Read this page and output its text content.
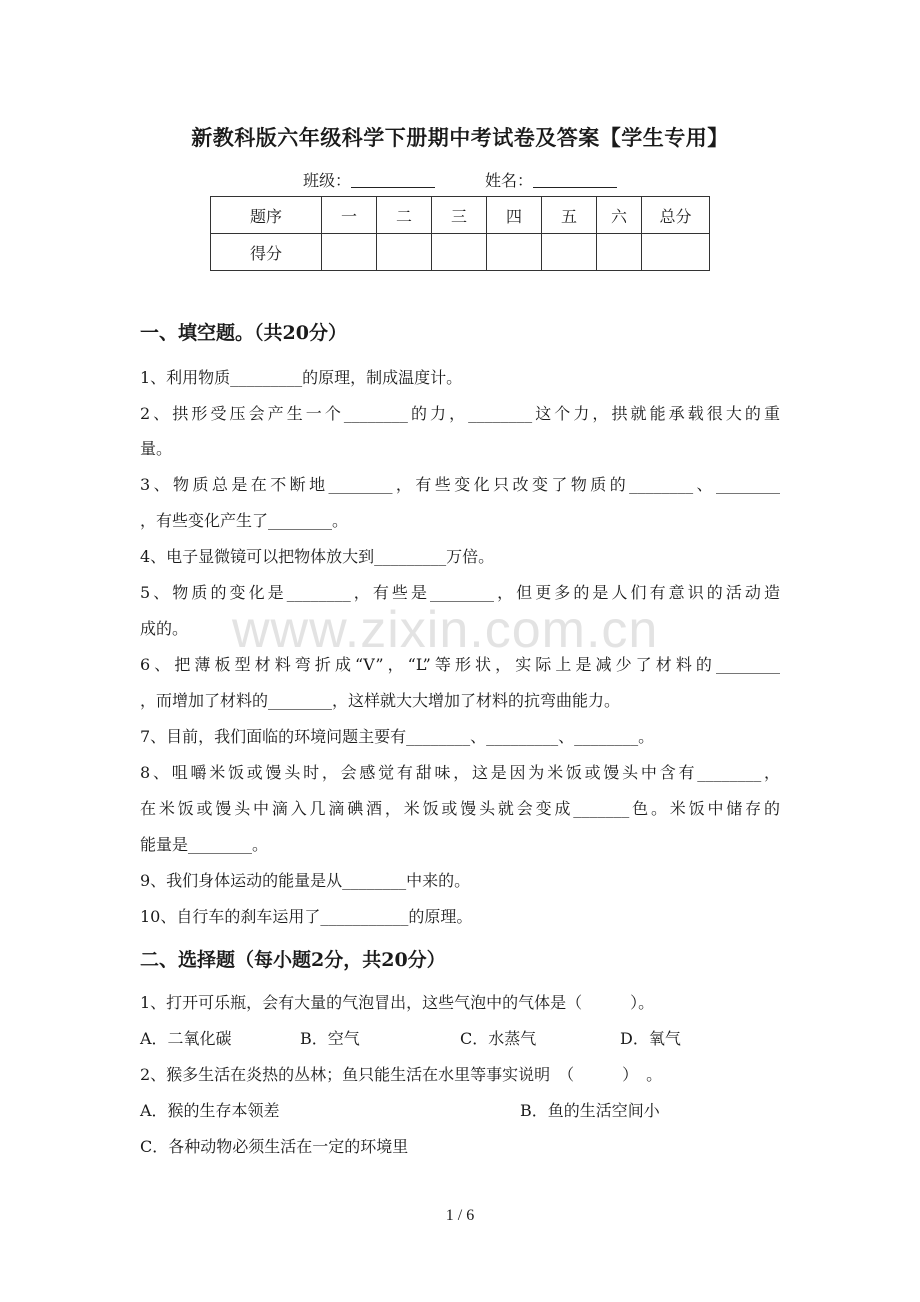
新教科版六年级科学下册期中考试卷及答案【学生专用】
班级：	姓名：
题序	一	二	三	四	五	六	总分
得分							
www.zixin.com.cn
一、填空题。（共20分）
1、利用物质_________的原理，制成温度计。
2、拱形受压会产生一个________的力，________这个力，拱就能承载很大的重
量。
3、物质总是在不断地________，有些变化只改变了物质的________、________
，有些变化产生了________。
4、电子显微镜可以把物体放大到_________万倍。
5、物质的变化是________，有些是________，但更多的是人们有意识的活动造
成的。
6、把薄板型材料弯折成“V”，“L”等形状，实际上是减少了材料的________
，而增加了材料的________，这样就大大增加了材料的抗弯曲能力。
7、目前，我们面临的环境问题主要有________、_________、________。
8、咀嚼米饭或馒头时，会感觉有甜味，这是因为米饭或馒头中含有________，
在米饭或馒头中滴入几滴碘酒，米饭或馒头就会变成_______色。米饭中储存的
能量是________。
9、我们身体运动的能量是从________中来的。
10、自行车的刹车运用了___________的原理。
二、选择题（每小题2分，共20分）
1、打开可乐瓶，会有大量的气泡冒出，这些气泡中的气体是（　　　）。
A．二氧化碳	B．空气	C．水蒸气	D．氧气
2、猴多生活在炎热的丛林；鱼只能生活在水里等事实说明　（　　　）　。
A．猴的生存本领差	B．鱼的生活空间小
C．各种动物必须生活在一定的环境里
1 / 6
